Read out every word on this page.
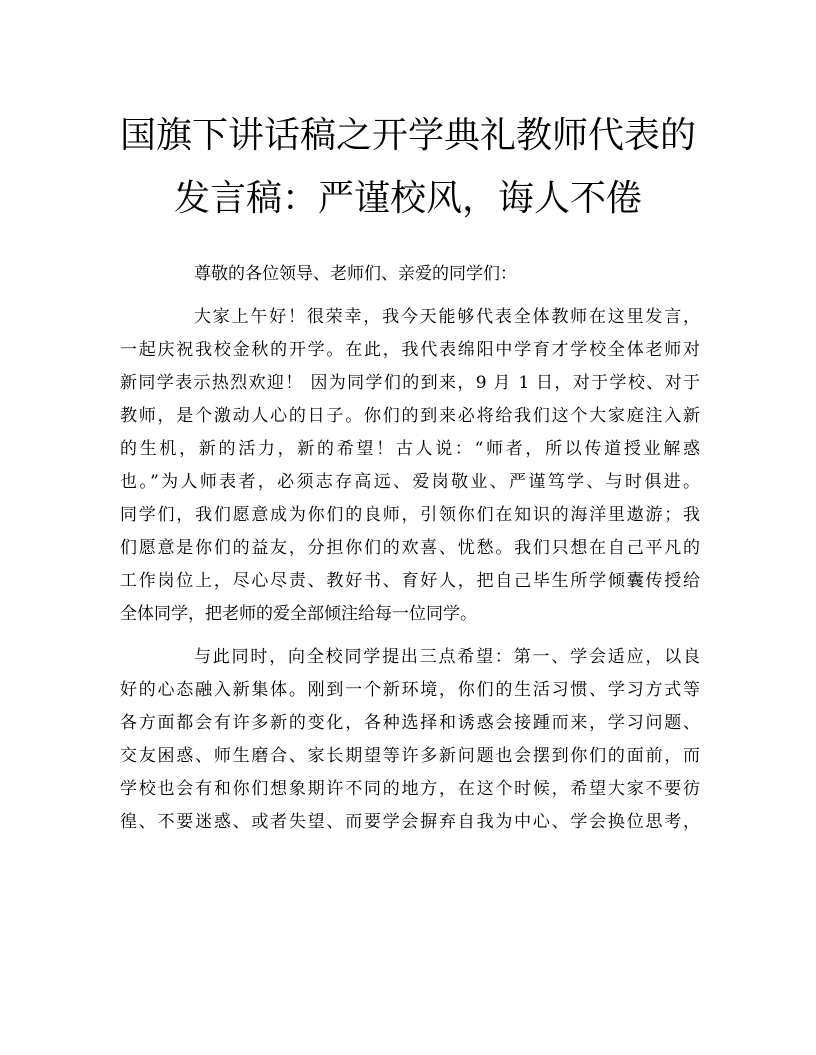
国旗下讲话稿之开学典礼教师代表的
发言稿：严谨校风，诲人不倦

尊敬的各位领导、老师们、亲爱的同学们：

大家上午好！很荣幸，我今天能够代表全体教师在这里发言，
一起庆祝我校金秋的开学。在此，我代表绵阳中学育才学校全体老师对
新同学表示热烈欢迎！ 因为同学们的到来，9 月 1 日，对于学校、对于
教师，是个激动人心的日子。你们的到来必将给我们这个大家庭注入新
的生机，新的活力，新的希望！古人说：“师者，所以传道授业解惑
也。”为人师表者，必须志存高远、爱岗敬业、严谨笃学、与时俱进。
同学们，我们愿意成为你们的良师，引领你们在知识的海洋里遨游；我
们愿意是你们的益友，分担你们的欢喜、忧愁。我们只想在自己平凡的
工作岗位上，尽心尽责、教好书、育好人，把自己毕生所学倾囊传授给
全体同学，把老师的爱全部倾注给每一位同学。

与此同时，向全校同学提出三点希望：第一、学会适应，以良
好的心态融入新集体。刚到一个新环境，你们的生活习惯、学习方式等
各方面都会有许多新的变化，各种选择和诱惑会接踵而来，学习问题、
交友困惑、师生磨合、家长期望等许多新问题也会摆到你们的面前，而
学校也会有和你们想象期许不同的地方，在这个时候，希望大家不要彷
徨、不要迷惑、或者失望、而要学会摒弃自我为中心、学会换位思考，
